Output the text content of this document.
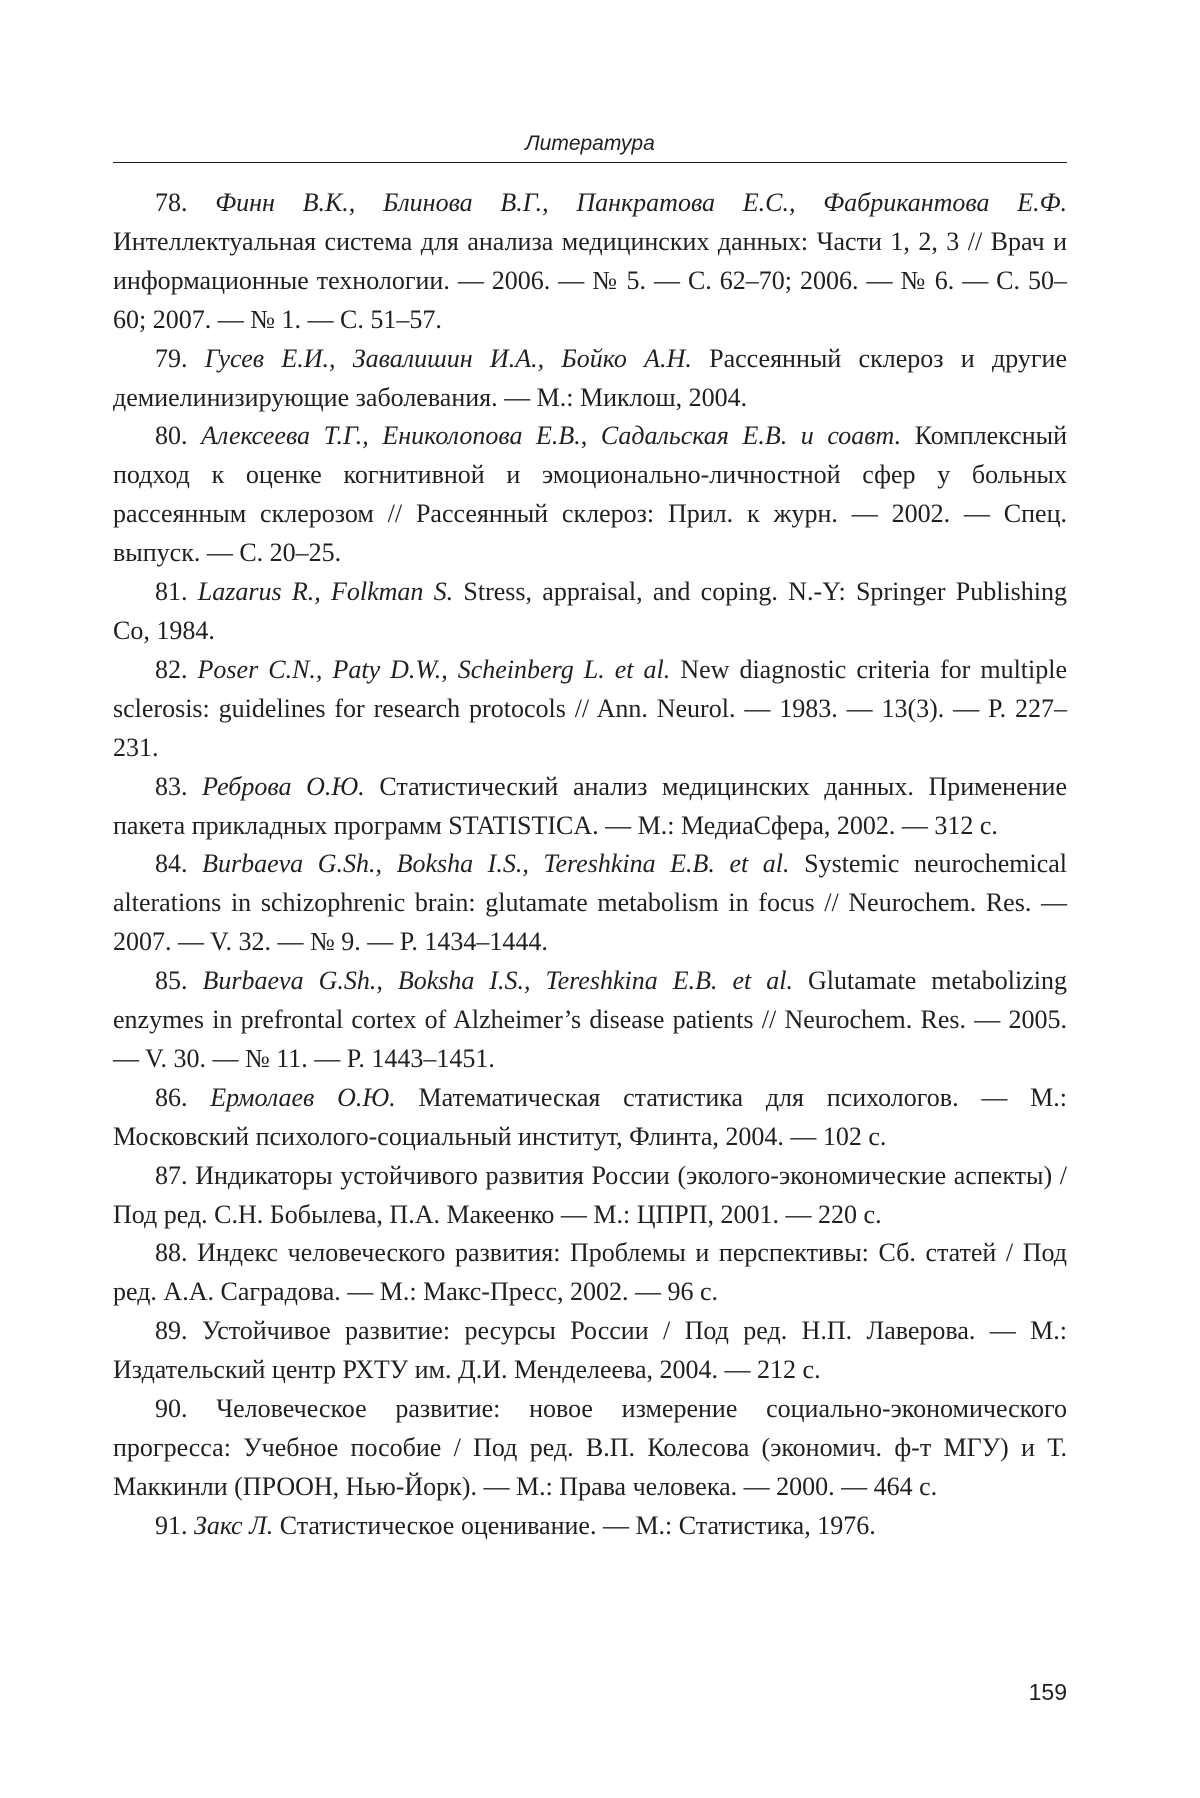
Литература

78. Финн В.К., Блинова В.Г., Панкратова Е.С., Фабрикантова Е.Ф. Интеллектуальная система для анализа медицинских данных: Части 1, 2, 3 // Врач и информационные технологии. — 2006. — № 5. — С. 62–70; 2006. — № 6. — С. 50–60; 2007. — № 1. — С. 51–57.

79. Гусев Е.И., Завалишин И.А., Бойко А.Н. Рассеянный склероз и другие демиелинизирующие заболевания. — М.: Миклош, 2004.

80. Алексеева Т.Г., Ениколопова Е.В., Садальская Е.В. и соавт. Комплексный подход к оценке когнитивной и эмоционально-личностной сфер у больных рассеянным склерозом // Рассеянный склероз: Прил. к журн. — 2002. — Спец. выпуск. — С. 20–25.

81. Lazarus R., Folkman S. Stress, appraisal, and coping. N.-Y: Springer Publishing Co, 1984.

82. Poser C.N., Paty D.W., Scheinberg L. et al. New diagnostic criteria for multiple sclerosis: guidelines for research protocols // Ann. Neurol. — 1983. — 13(3). — P. 227–231.

83. Реброва О.Ю. Статистический анализ медицинских данных. Применение пакета прикладных программ STATISTICA. — М.: МедиаСфера, 2002. — 312 с.

84. Burbaeva G.Sh., Boksha I.S., Tereshkina E.B. et al. Systemic neurochemical alterations in schizophrenic brain: glutamate metabolism in focus // Neurochem. Res. — 2007. — V. 32. — № 9. — P. 1434–1444.

85. Burbaeva G.Sh., Boksha I.S., Tereshkina E.B. et al. Glutamate metabolizing enzymes in prefrontal cortex of Alzheimer’s disease patients // Neurochem. Res. — 2005. — V. 30. — № 11. — P. 1443–1451.

86. Ермолаев О.Ю. Математическая статистика для психологов. — М.: Московский психолого-социальный институт, Флинта, 2004. — 102 с.

87. Индикаторы устойчивого развития России (эколого-экономические аспекты) / Под ред. С.Н. Бобылева, П.А. Макеенко — М.: ЦПРП, 2001. — 220 с.

88. Индекс человеческого развития: Проблемы и перспективы: Сб. статей / Под ред. А.А. Саградова. — М.: Макс-Пресс, 2002. — 96 с.

89. Устойчивое развитие: ресурсы России / Под ред. Н.П. Лаверова. — М.: Издательский центр РХТУ им. Д.И. Менделеева, 2004. — 212 с.

90. Человеческое развитие: новое измерение социально-экономического прогресса: Учебное пособие / Под ред. В.П. Колесова (экономич. ф-т МГУ) и Т. Маккинли (ПРООН, Нью-Йорк). — М.: Права человека. — 2000. — 464 с.

91. Закс Л. Статистическое оценивание. — М.: Статистика, 1976.

159
